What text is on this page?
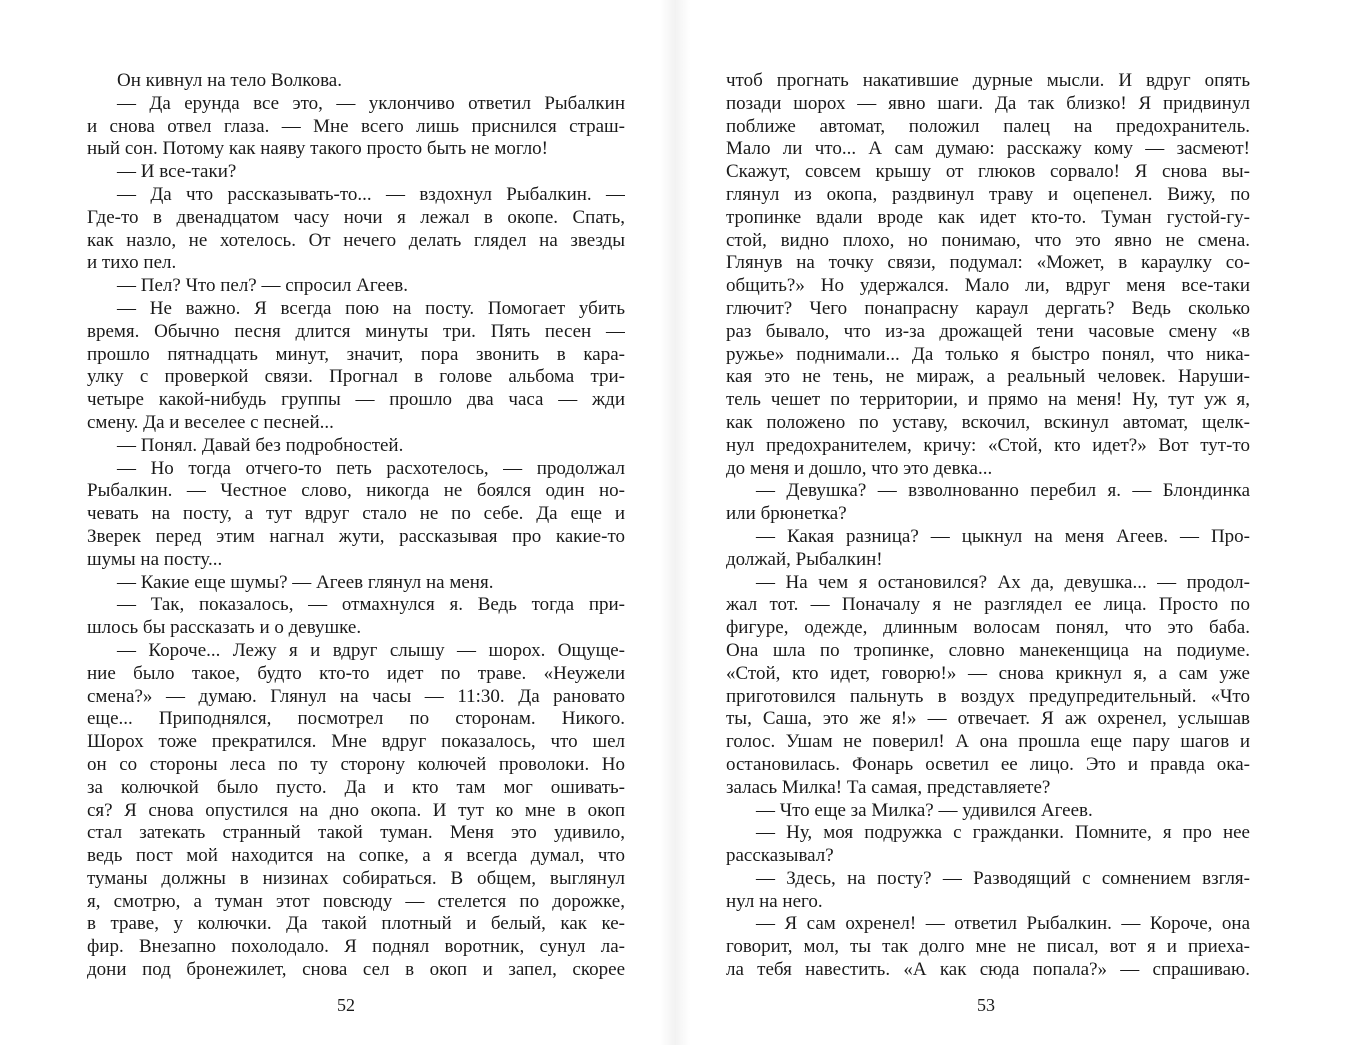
Он кивнул на тело Волкова.
— Да ерунда все это, — уклончиво ответил Рыбалкин
и снова отвел глаза. — Мне всего лишь приснился страш-
ный сон. Потому как наяву такого просто быть не могло!
— И все-таки?
— Да что рассказывать-то... — вздохнул Рыбалкин. —
Где-то в двенадцатом часу ночи я лежал в окопе. Спать,
как назло, не хотелось. От нечего делать глядел на звезды
и тихо пел.
— Пел? Что пел? — спросил Агеев.
— Не важно. Я всегда пою на посту. Помогает убить
время. Обычно песня длится минуты три. Пять песен —
прошло пятнадцать минут, значит, пора звонить в кара-
улку с проверкой связи. Прогнал в голове альбома три-
четыре какой-нибудь группы — прошло два часа — жди
смену. Да и веселее с песней...
— Понял. Давай без подробностей.
— Но тогда отчего-то петь расхотелось, — продолжал
Рыбалкин. — Честное слово, никогда не боялся один но-
чевать на посту, а тут вдруг стало не по себе. Да еще и
Зверек перед этим нагнал жути, рассказывая про какие-то
шумы на посту...
— Какие еще шумы? — Агеев глянул на меня.
— Так, показалось, — отмахнулся я. Ведь тогда при-
шлось бы рассказать и о девушке.
— Короче... Лежу я и вдруг слышу — шорох. Ощуще-
ние было такое, будто кто-то идет по траве. «Неужели
смена?» — думаю. Глянул на часы — 11:30. Да рановато
еще... Приподнялся, посмотрел по сторонам. Никого.
Шорох тоже прекратился. Мне вдруг показалось, что шел
он со стороны леса по ту сторону колючей проволоки. Но
за колючкой было пусто. Да и кто там мог ошивать-
ся? Я снова опустился на дно окопа. И тут ко мне в окоп
стал затекать странный такой туман. Меня это удивило,
ведь пост мой находится на сопке, а я всегда думал, что
туманы должны в низинах собираться. В общем, выглянул
я, смотрю, а туман этот повсюду — стелется по дорожке,
в траве, у колючки. Да такой плотный и белый, как ке-
фир. Внезапно похолодало. Я поднял воротник, сунул ла-
дони под бронежилет, снова сел в окоп и запел, скорее
52
чтоб прогнать накатившие дурные мысли. И вдруг опять
позади шорох — явно шаги. Да так близко! Я придвинул
поближе автомат, положил палец на предохранитель.
Мало ли что... А сам думаю: расскажу кому — засмеют!
Скажут, совсем крышу от глюков сорвало! Я снова вы-
глянул из окопа, раздвинул траву и оцепенел. Вижу, по
тропинке вдали вроде как идет кто-то. Туман густой-гу-
стой, видно плохо, но понимаю, что это явно не смена.
Глянув на точку связи, подумал: «Может, в караулку со-
общить?» Но удержался. Мало ли, вдруг меня все-таки
глючит? Чего понапрасну караул дергать? Ведь сколько
раз бывало, что из-за дрожащей тени часовые смену «в
ружье» поднимали... Да только я быстро понял, что ника-
кая это не тень, не мираж, а реальный человек. Наруши-
тель чешет по территории, и прямо на меня! Ну, тут уж я,
как положено по уставу, вскочил, вскинул автомат, щелк-
нул предохранителем, кричу: «Стой, кто идет?» Вот тут-то
до меня и дошло, что это девка...
— Девушка? — взволнованно перебил я. — Блондинка
или брюнетка?
— Какая разница? — цыкнул на меня Агеев. — Про-
должай, Рыбалкин!
— На чем я остановился? Ах да, девушка... — продол-
жал тот. — Поначалу я не разглядел ее лица. Просто по
фигуре, одежде, длинным волосам понял, что это баба.
Она шла по тропинке, словно манекенщица на подиуме.
«Стой, кто идет, говорю!» — снова крикнул я, а сам уже
приготовился пальнуть в воздух предупредительный. «Что
ты, Саша, это же я!» — отвечает. Я аж охренел, услышав
голос. Ушам не поверил! А она прошла еще пару шагов и
остановилась. Фонарь осветил ее лицо. Это и правда ока-
залась Милка! Та самая, представляете?
— Что еще за Милка? — удивился Агеев.
— Ну, моя подружка с гражданки. Помните, я про нее
рассказывал?
— Здесь, на посту? — Разводящий с сомнением взгля-
нул на него.
— Я сам охренел! — ответил Рыбалкин. — Короче, она
говорит, мол, ты так долго мне не писал, вот я и приеха-
ла тебя навестить. «А как сюда попала?» — спрашиваю.
53
